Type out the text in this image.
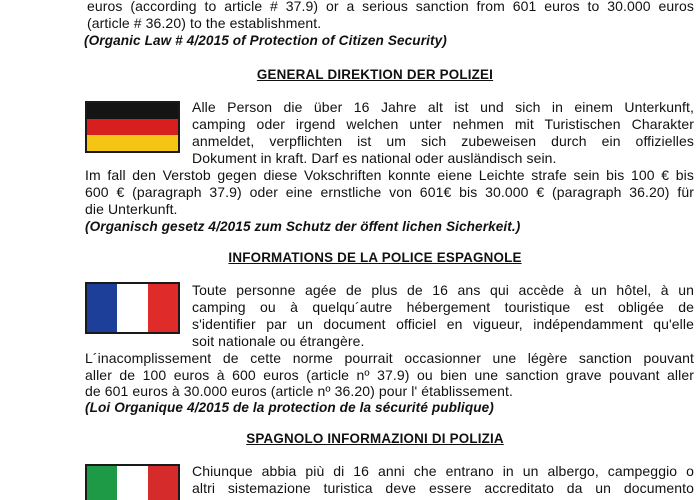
euros (according to article # 37.9) or a serious sanction from 601 euros to 30.000 euros
(article # 36.20) to the establishment.
(Organic Law # 4/2015 of Protection of Citizen Security)
GENERAL DIREKTION DER POLIZEI
Alle Person die über 16 Jahre alt ist und sich in einem Unterkunft,
camping oder irgend welchen unter nehmen mit Turistischen Charakter
anmeldet, verpflichten ist um sich zubeweisen durch ein offizielles
Dokument in kraft. Darf es national oder ausländisch sein.
Im fall den Verstob gegen diese Vokschriften konnte eiene Leichte strafe sein bis 100 € bis
600 € (paragraph 37.9) oder eine ernstliche von 601€ bis 30.000 € (paragraph 36.20) für
die Unterkunft.
(Organisch gesetz 4/2015 zum Schutz der öffent lichen Sicherkeit.)
INFORMATIONS DE LA POLICE ESPAGNOLE
Toute personne agée de plus de 16 ans qui accède à un hôtel, à un
camping ou à quelqu´autre hébergement touristique est obligée de
s'identifier par un document officiel en vigueur, indépendamment qu'elle
soit nationale ou étrangère.
L´inacomplissement de cette norme pourrait occasionner une légère sanction pouvant
aller de 100 euros à 600 euros (article nº 37.9) ou bien une sanction grave pouvant aller
de 601 euros à 30.000 euros (article nº 36.20) pour l' établissement.
(Loi Organique 4/2015 de la protection de la sécurité publique)
SPAGNOLO INFORMAZIONI DI POLIZIA
Chiunque abbia più di 16 anni che entrano in un albergo, campeggio o
altri sistemazione turistica deve essere accreditato da un documento
